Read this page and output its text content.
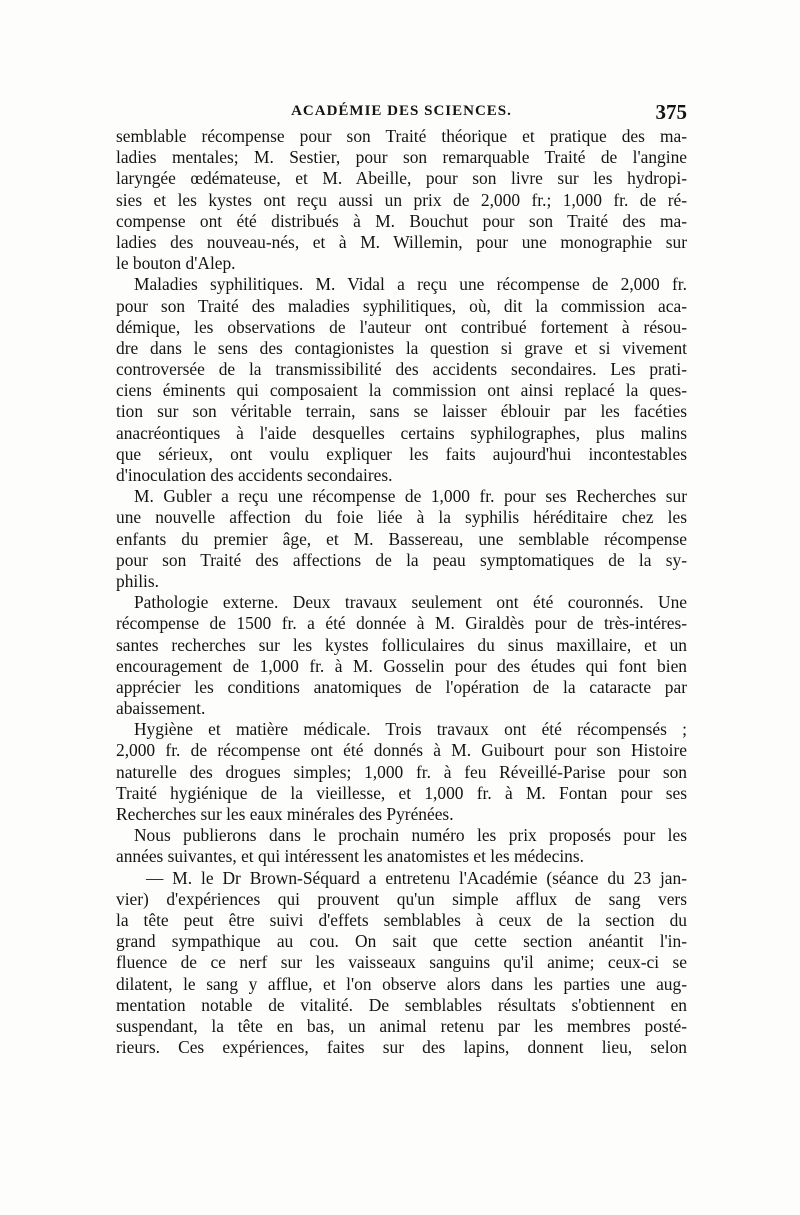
ACADÉMIE DES SCIENCES.	375
semblable récompense pour son Traité théorique et pratique des ma-
ladies mentales; M. Sestier, pour son remarquable Traité de l'angine
laryngée œdémateuse, et M. Abeille, pour son livre sur les hydropi-
sies et les kystes ont reçu aussi un prix de 2,000 fr.; 1,000 fr. de ré-
compense ont été distribués à M. Bouchut pour son Traité des ma-
ladies des nouveau-nés, et à M. Willemin, pour une monographie sur
le bouton d'Alep.
Maladies syphilitiques. M. Vidal a reçu une récompense de 2,000 fr.
pour son Traité des maladies syphilitiques, où, dit la commission aca-
démique, les observations de l'auteur ont contribué fortement à résou-
dre dans le sens des contagionistes la question si grave et si vivement
controversée de la transmissibilité des accidents secondaires. Les prati-
ciens éminents qui composaient la commission ont ainsi replacé la ques-
tion sur son véritable terrain, sans se laisser éblouir par les facéties
anacréontiques à l'aide desquelles certains syphilographes, plus malins
que sérieux, ont voulu expliquer les faits aujourd'hui incontestables
d'inoculation des accidents secondaires.
M. Gubler a reçu une récompense de 1,000 fr. pour ses Recherches sur
une nouvelle affection du foie liée à la syphilis héréditaire chez les
enfants du premier âge, et M. Bassereau, une semblable récompense
pour son Traité des affections de la peau symptomatiques de la sy-
philis.
Pathologie externe. Deux travaux seulement ont été couronnés. Une
récompense de 1500 fr. a été donnée à M. Giraldès pour de très-intéres-
santes recherches sur les kystes folliculaires du sinus maxillaire, et un
encouragement de 1,000 fr. à M. Gosselin pour des études qui font bien
apprécier les conditions anatomiques de l'opération de la cataracte par
abaissement.
Hygiène et matière médicale. Trois travaux ont été récompensés ;
2,000 fr. de récompense ont été donnés à M. Guibourt pour son Histoire
naturelle des drogues simples; 1,000 fr. à feu Réveillé-Parise pour son
Traité hygiénique de la vieillesse, et 1,000 fr. à M. Fontan pour ses
Recherches sur les eaux minérales des Pyrénées.
Nous publierons dans le prochain numéro les prix proposés pour les
années suivantes, et qui intéressent les anatomistes et les médecins.
— M. le Dr Brown-Séquard a entretenu l'Académie (séance du 23 jan-
vier) d'expériences qui prouvent qu'un simple afflux de sang vers
la tête peut être suivi d'effets semblables à ceux de la section du
grand sympathique au cou. On sait que cette section anéantit l'in-
fluence de ce nerf sur les vaisseaux sanguins qu'il anime; ceux-ci se
dilatent, le sang y afflue, et l'on observe alors dans les parties une aug-
mentation notable de vitalité. De semblables résultats s'obtiennent en
suspendant, la tête en bas, un animal retenu par les membres posté-
rieurs. Ces expériences, faites sur des lapins, donnent lieu, selon
